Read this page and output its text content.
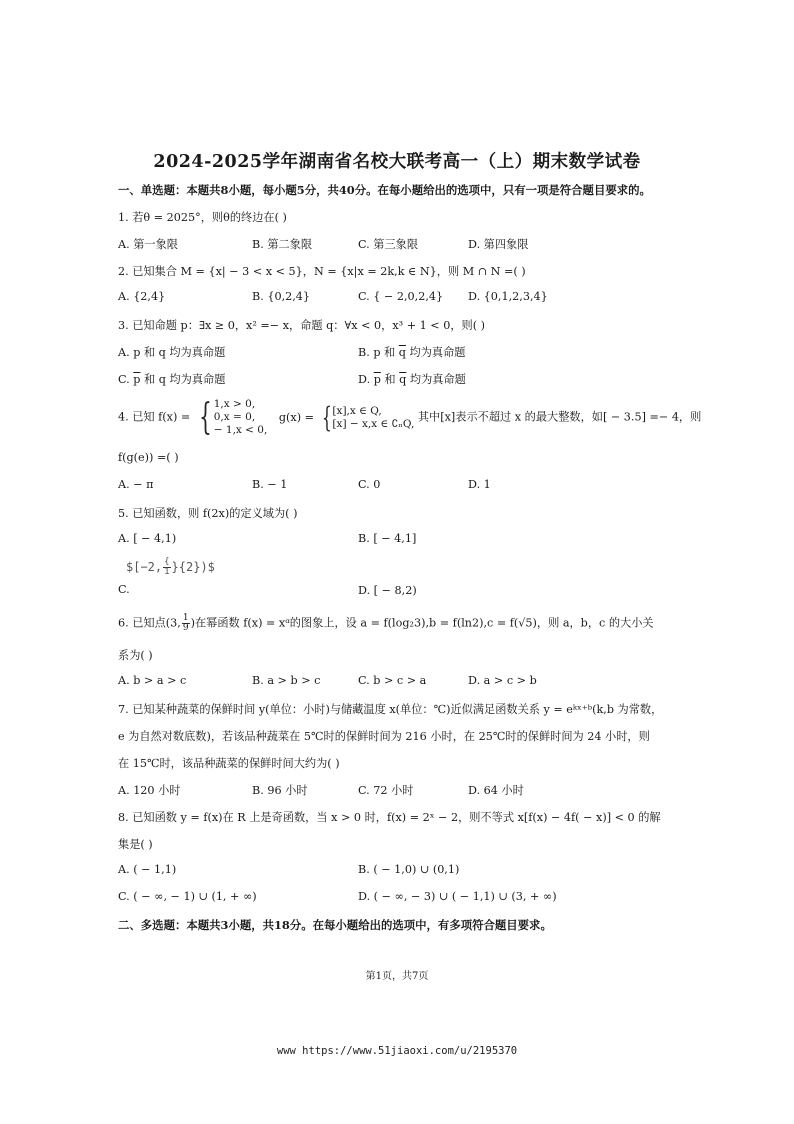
2024-2025学年湖南省名校大联考高一（上）期末数学试卷
一、单选题：本题共8小题，每小题5分，共40分。在每小题给出的选项中，只有一项是符合题目要求的。
1. 若θ = 2025°，则θ的终边在( )
A. 第一象限	B. 第二象限	C. 第三象限	D. 第四象限
2. 已知集合 M = {x| − 3 < x < 5}，N = {x|x = 2k,k ∈ N}，则 M ∩ N =( )
A. {2,4}	B. {0,2,4}	C. { − 2,0,2,4} D. {0,1,2,3,4}
3. 已知命题 p：∃x ≥ 0，x² =− x，命题 q：∀x < 0，x³ + 1 < 0，则( )
A. p 和 q 均为真命题	B. p 和 $\overline{q}$ 均为真命题
C. $\overline{p}$ 和 q 均为真命题	D. $\overline{p}$ 和 $\overline{q}$ 均为真命题
4. 已知 f(x) = { 1,x > 0,
0,x = 0,
− 1,x < 0,
g(x) = { [x],x ∈ Q,
[x] − x,x ∈ ∁ₙQ, 其中[x]表示不超过 x 的最大整数，如[ − 3.5] =− 4，则
f(g(e)) =( )
A. − π	B. − 1	C. 0	D. 1
5. 已知函数，则 f(2x)的定义域为( )
A. [ − 4,1)	B. [ − 4,1]
$[−2, $\frac{\{}{1}$ }{2})$
C.	D. [ − 8,2)
6. 已知点(3, $\frac{1}{9}$ )在幂函数 f(x) = xᵅ的图象上，设 a = f(log₂3),b = f(ln2),c = f(√5)，则 a，b，c 的大小关
系为( )
A. b > a > c	B. a > b > c	C. b > c > a	D. a > c > b
7. 已知某种蔬菜的保鲜时间 y(单位：小时)与储藏温度 x(单位：℃)近似满足函数关系 y = eᵏˣ⁺ᵇ(k,b 为常数，
e 为自然对数底数)，若该品种蔬菜在 5℃时的保鲜时间为 216 小时，在 25℃时的保鲜时间为 24 小时，则
在 15℃时，该品种蔬菜的保鲜时间大约为( )
A. 120 小时	B. 96 小时	C. 72 小时	D. 64 小时
8. 已知函数 y = f(x)在 R 上是奇函数，当 x > 0 时，f(x) = 2ˣ − 2，则不等式 x[f(x) − 4f( − x)] < 0 的解
集是( )
A. ( − 1,1)	B. ( − 1,0) ∪ (0,1)
C. ( − ∞, − 1) ∪ (1, + ∞)	D. ( − ∞, − 3) ∪ ( − 1,1) ∪ (3, + ∞)
二、多选题：本题共3小题，共18分。在每小题给出的选项中，有多项符合题目要求。
第1页，共7页
www https://www.51jiaoxi.com/u/2195370
